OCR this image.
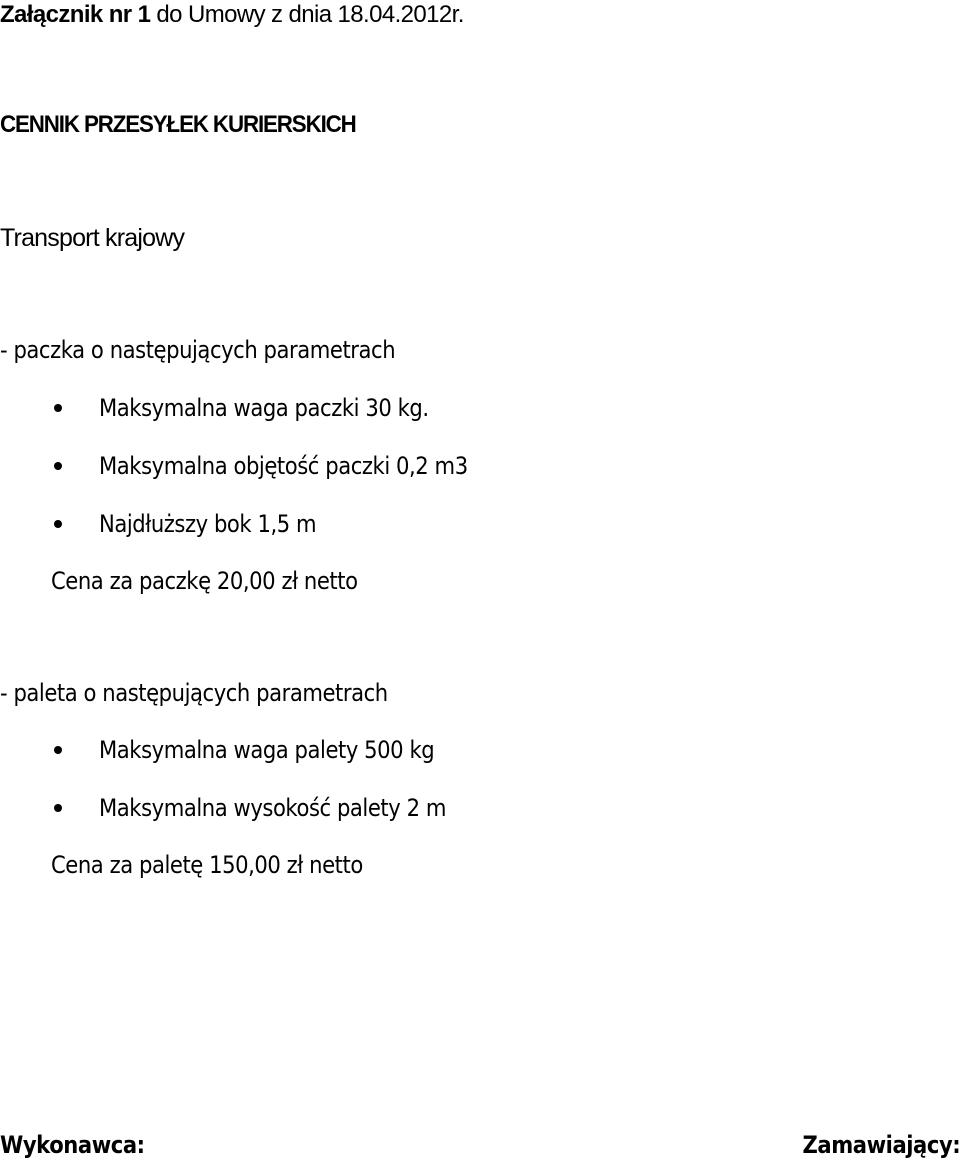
Załącznik nr 1 do Umowy z dnia 18.04.2012r.
CENNIK PRZESYŁEK KURIERSKICH
Transport krajowy
- paczka o następujących parametrach
Maksymalna waga paczki 30 kg.
Maksymalna objętość paczki 0,2 m3
Najdłuższy bok 1,5 m
Cena za paczkę 20,00 zł netto
- paleta o następujących parametrach
Maksymalna waga palety 500 kg
Maksymalna wysokość palety 2 m
Cena za paletę 150,00 zł netto
Wykonawca:	Zamawiający:
